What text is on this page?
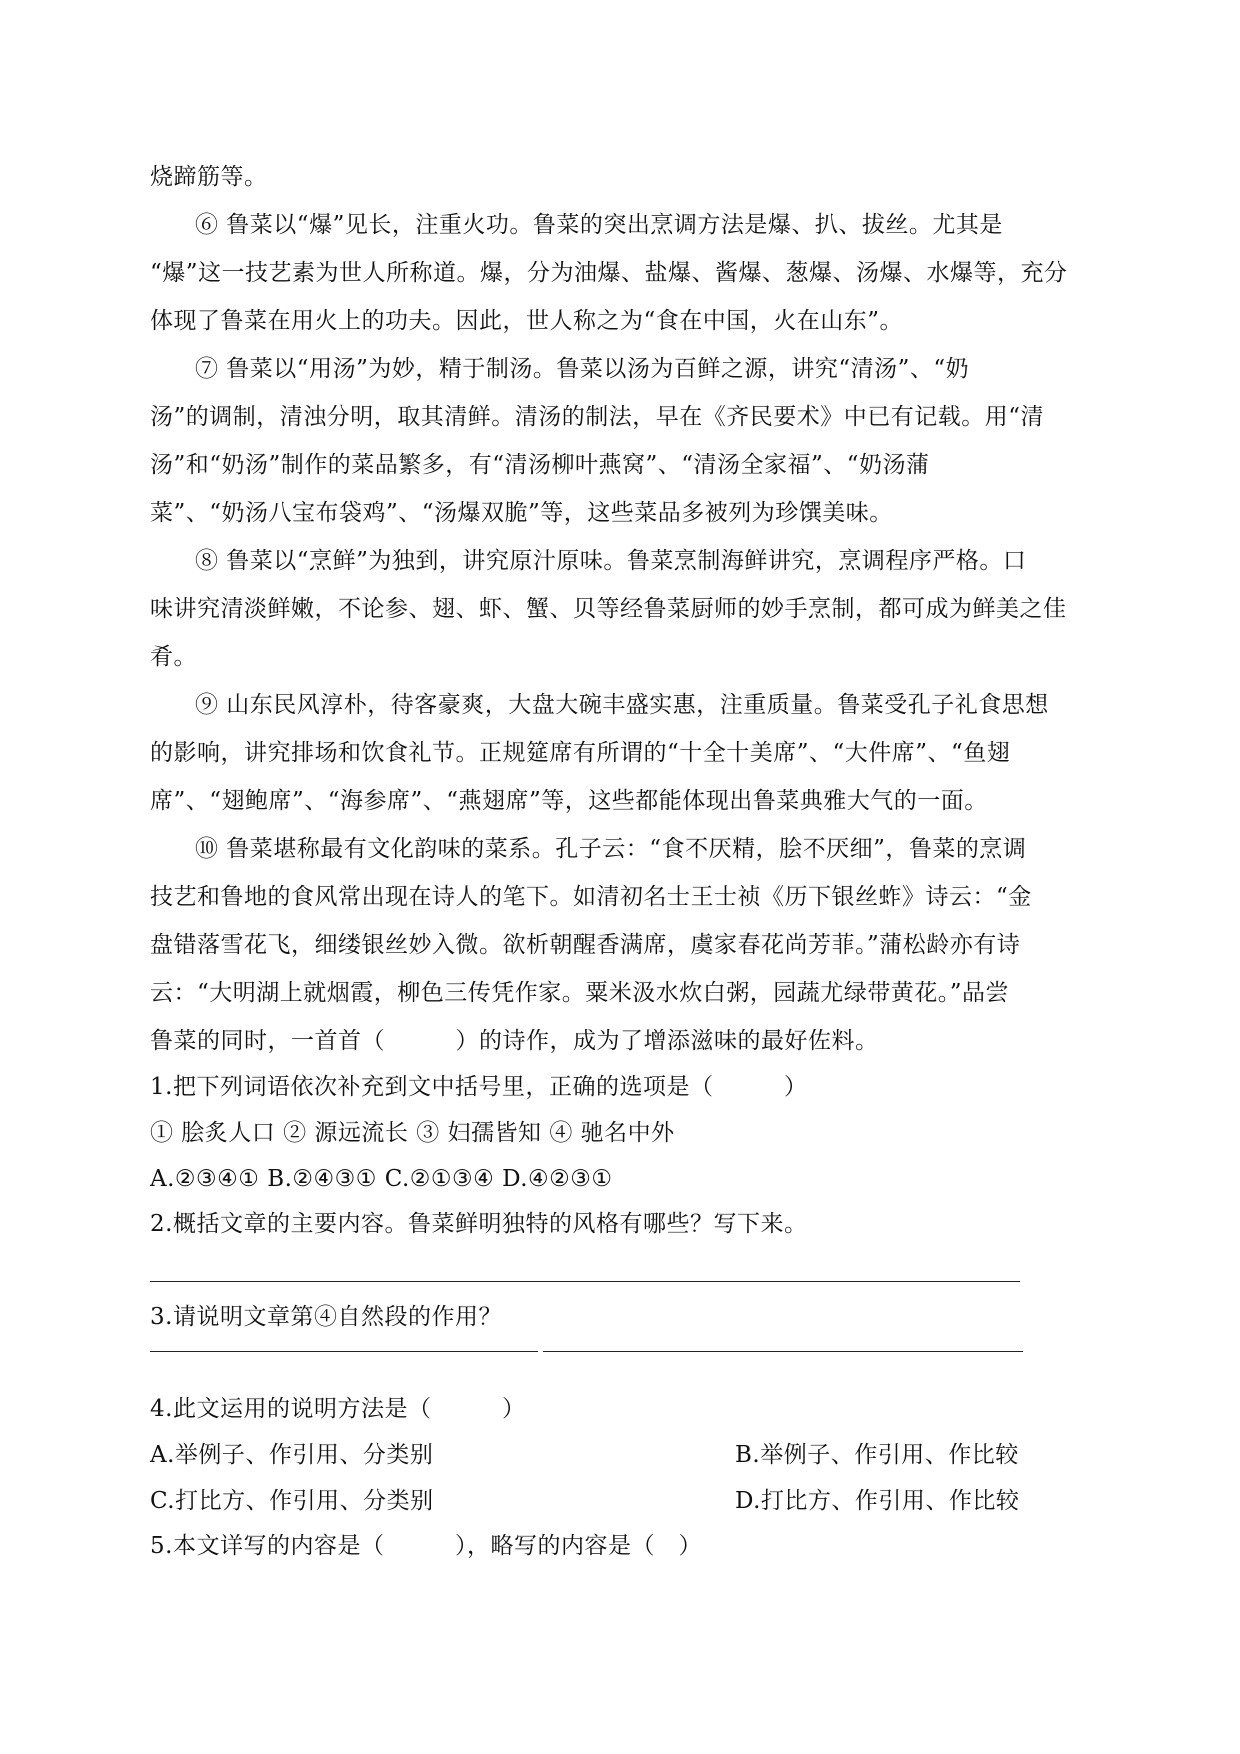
烧蹄筋等。
⑥ 鲁菜以“爆”见长，注重火功。鲁菜的突出烹调方法是爆、扒、拔丝。尤其是
“爆”这一技艺素为世人所称道。爆，分为油爆、盐爆、酱爆、葱爆、汤爆、水爆等，充分
体现了鲁菜在用火上的功夫。因此，世人称之为“食在中国，火在山东”。
⑦ 鲁菜以“用汤”为妙，精于制汤。鲁菜以汤为百鲜之源，讲究“清汤”、“奶
汤”的调制，清浊分明，取其清鲜。清汤的制法，早在《齐民要术》中已有记载。用“清
汤”和“奶汤”制作的菜品繁多，有“清汤柳叶燕窝”、“清汤全家福”、“奶汤蒲
菜”、“奶汤八宝布袋鸡”、“汤爆双脆”等，这些菜品多被列为珍馔美味。
⑧ 鲁菜以“烹鲜”为独到，讲究原汁原味。鲁菜烹制海鲜讲究，烹调程序严格。口
味讲究清淡鲜嫩，不论参、翅、虾、蟹、贝等经鲁菜厨师的妙手烹制，都可成为鲜美之佳
肴。
⑨ 山东民风淳朴，待客豪爽，大盘大碗丰盛实惠，注重质量。鲁菜受孔子礼食思想
的影响，讲究排场和饮食礼节。正规筵席有所谓的“十全十美席”、“大件席”、“鱼翅
席”、“翅鲍席”、“海参席”、“燕翅席”等，这些都能体现出鲁菜典雅大气的一面。
⑩ 鲁菜堪称最有文化韵味的菜系。孔子云：“食不厌精，脍不厌细”，鲁菜的烹调
技艺和鲁地的食风常出现在诗人的笔下。如清初名士王士祯《历下银丝蚱》诗云：“金
盘错落雪花飞，细缕银丝妙入微。欲析朝醒香满席，虞家春花尚芳菲。”蒲松龄亦有诗
云：“大明湖上就烟霞，柳色三传凭作家。粟米汲水炊白粥，园蔬尤绿带黄花。”品尝
鲁菜的同时，一首首（　　　）的诗作，成为了增添滋味的最好佐料。
1.把下列词语依次补充到文中括号里，正确的选项是（　　　）
① 脍炙人口 ② 源远流长 ③ 妇孺皆知 ④ 驰名中外
A.②③④① B.②④③① C.②①③④ D.④②③①
2.概括文章的主要内容。鲁菜鲜明独特的风格有哪些？写下来。
3.请说明文章第④自然段的作用？
4.此文运用的说明方法是（　　　）
A.举例子、作引用、分类别	B.举例子、作引用、作比较
C.打比方、作引用、分类别	D.打比方、作引用、作比较
5.本文详写的内容是（　　　），略写的内容是（　）
